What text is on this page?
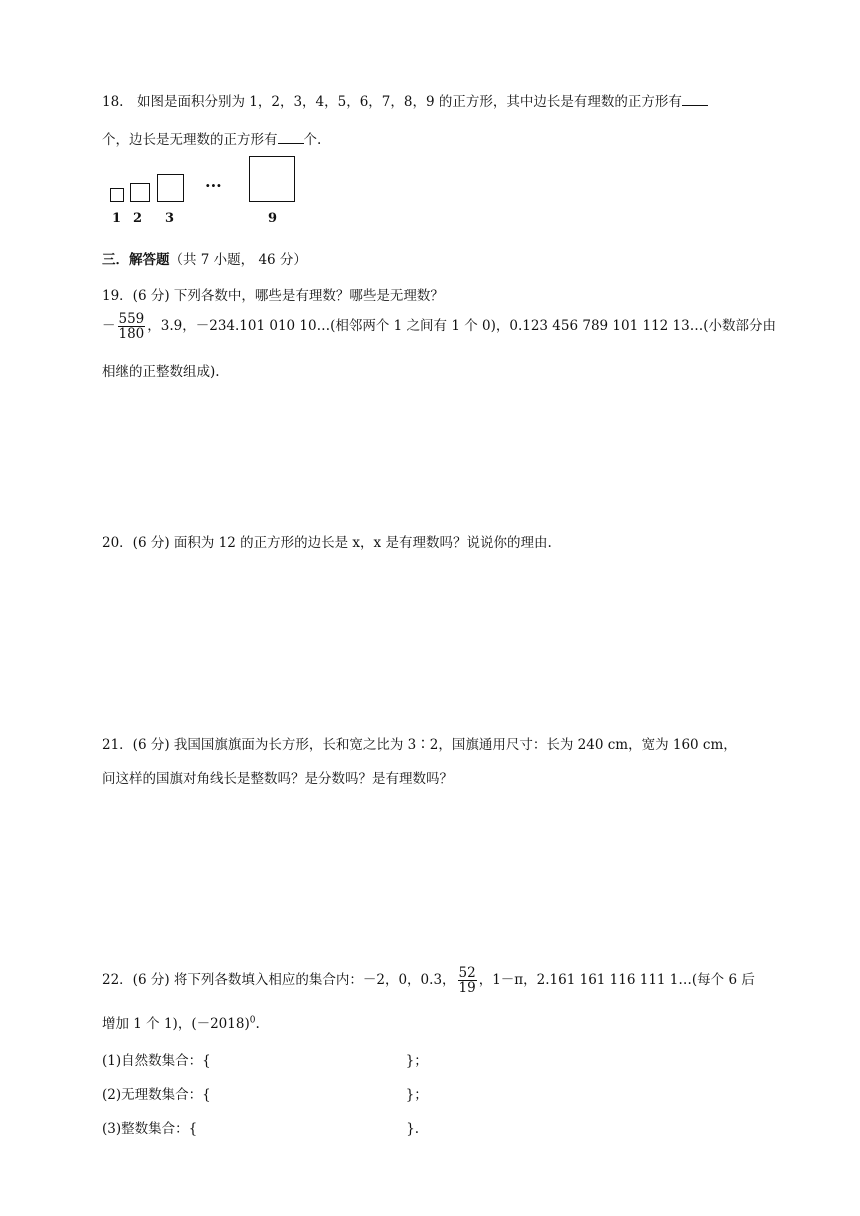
18.　如图是面积分别为 1，2，3，4，5，6，7，8，9 的正方形，其中边长是有理数的正方形有
个，边长是无理数的正方形有 个.
···
1 2 3	9
三．解答题（共 7 小题， 46 分）
19．(6 分) 下列各数中，哪些是有理数？哪些是无理数？
－ $\frac{559}{180}$ ，3.9，－234.101 010 10…(相邻两个 1 之间有 1 个 0)，0.123 456 789 101 112 13…(小数部分由
相继的正整数组成).
20．(6 分) 面积为 12 的正方形的边长是 x，x 是有理数吗？说说你的理由.
21．(6 分) 我国国旗旗面为长方形，长和宽之比为 3∶2，国旗通用尺寸：长为 240 cm，宽为 160 cm，
问这样的国旗对角线长是整数吗？是分数吗？是有理数吗？
22．(6 分) 将下列各数填入相应的集合内：－2，0，0.3， $\frac{52}{19}$ ，1－π，2.161 161 116 111 1…(每个 6 后
增加 1 个 1)，$(-2018)^0$.
(1)自然数集合：{	}；
(2)无理数集合：{	}；
(3)整数集合：{	}.
